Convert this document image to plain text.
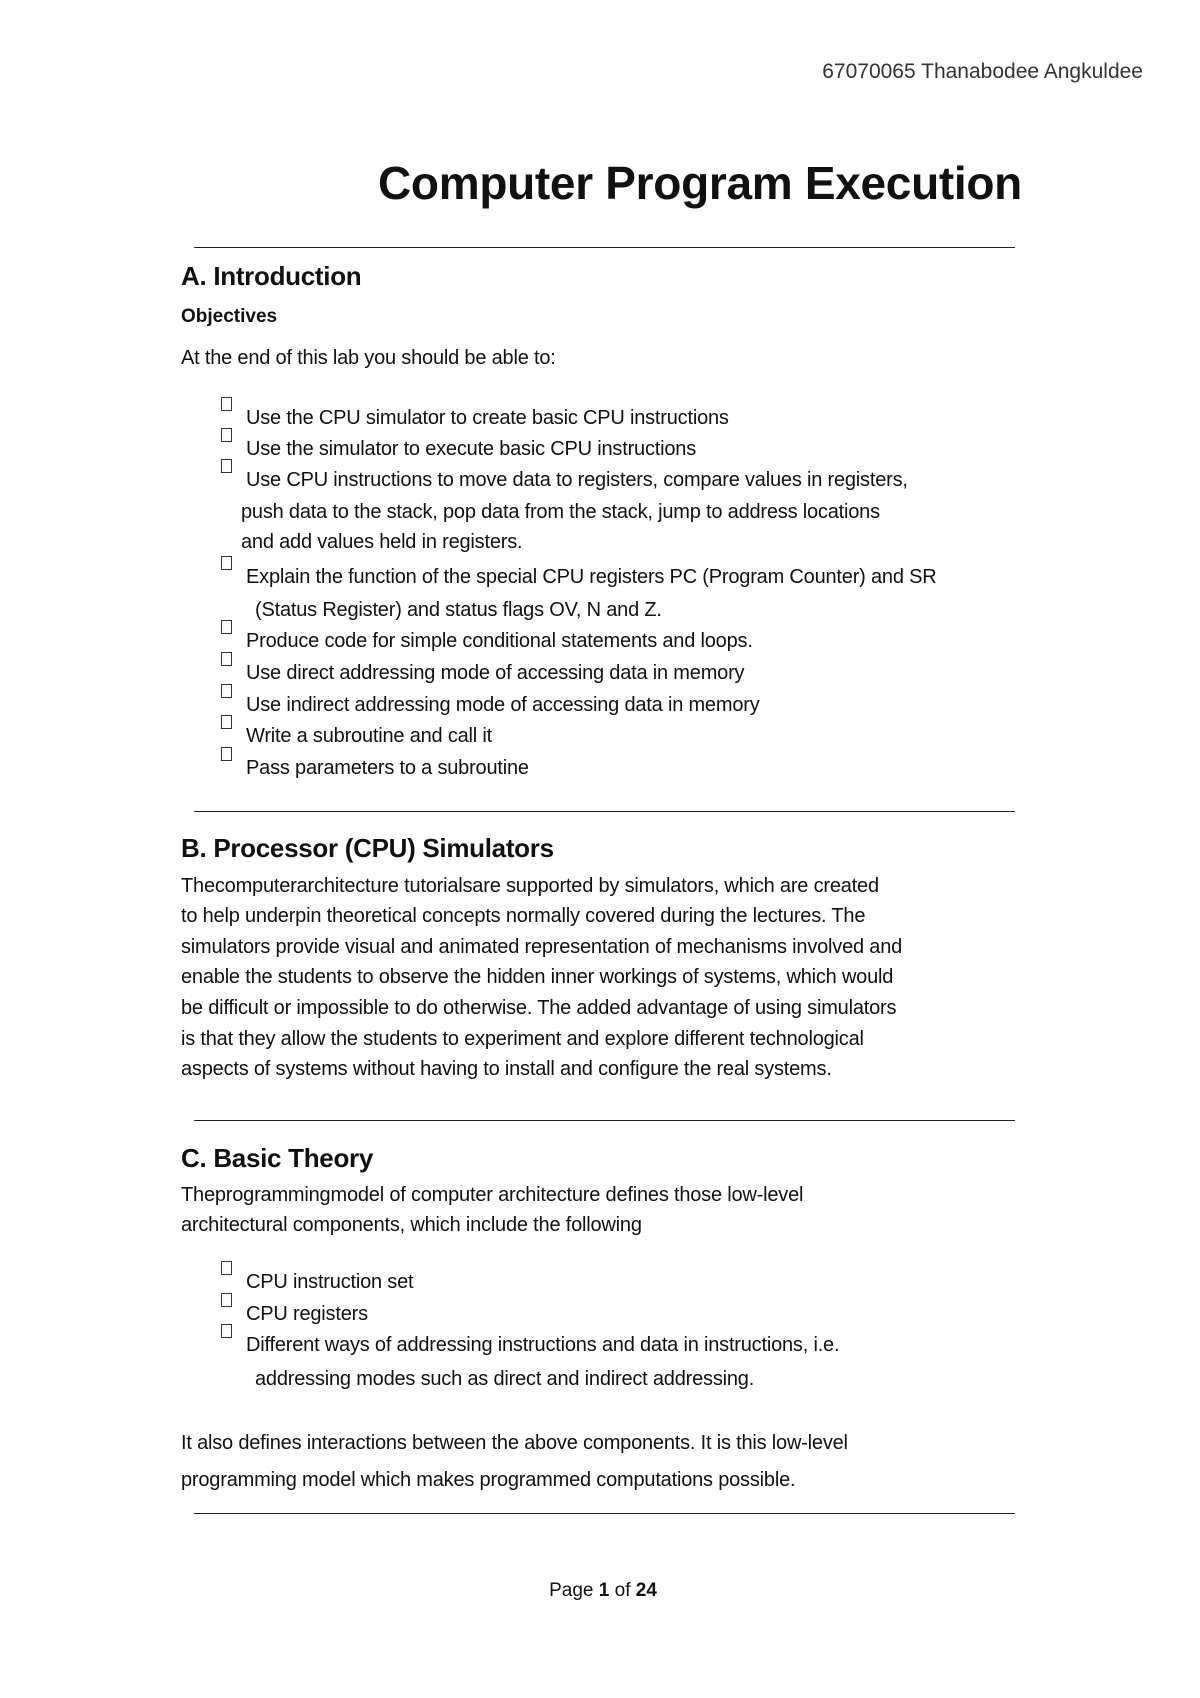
67070065 Thanabodee Angkuldee
Computer Program Execution
A. Introduction
Objectives
At the end of this lab you should be able to:
Use the CPU simulator to create basic CPU instructions
Use the simulator to execute basic CPU instructions
Use CPU instructions to move data to registers, compare values in registers,
push data to the stack, pop data from the stack, jump to address locations
and add values held in registers.
Explain the function of the special CPU registers PC (Program Counter) and SR
(Status Register) and status flags OV, N and Z.
Produce code for simple conditional statements and loops.
Use direct addressing mode of accessing data in memory
Use indirect addressing mode of accessing data in memory
Write a subroutine and call it
Pass parameters to a subroutine
B. Processor (CPU) Simulators
Thecomputerarchitecture tutorialsare supported by simulators, which are created
to help underpin theoretical concepts normally covered during the lectures. The
simulators provide visual and animated representation of mechanisms involved and
enable the students to observe the hidden inner workings of systems, which would
be difficult or impossible to do otherwise. The added advantage of using simulators
is that they allow the students to experiment and explore different technological
aspects of systems without having to install and configure the real systems.
C. Basic Theory
Theprogrammingmodel of computer architecture defines those low-level
architectural components, which include the following
CPU instruction set
CPU registers
Different ways of addressing instructions and data in instructions, i.e.
addressing modes such as direct and indirect addressing.
It also defines interactions between the above components. It is this low-level
programming model which makes programmed computations possible.
Page 1 of 24
